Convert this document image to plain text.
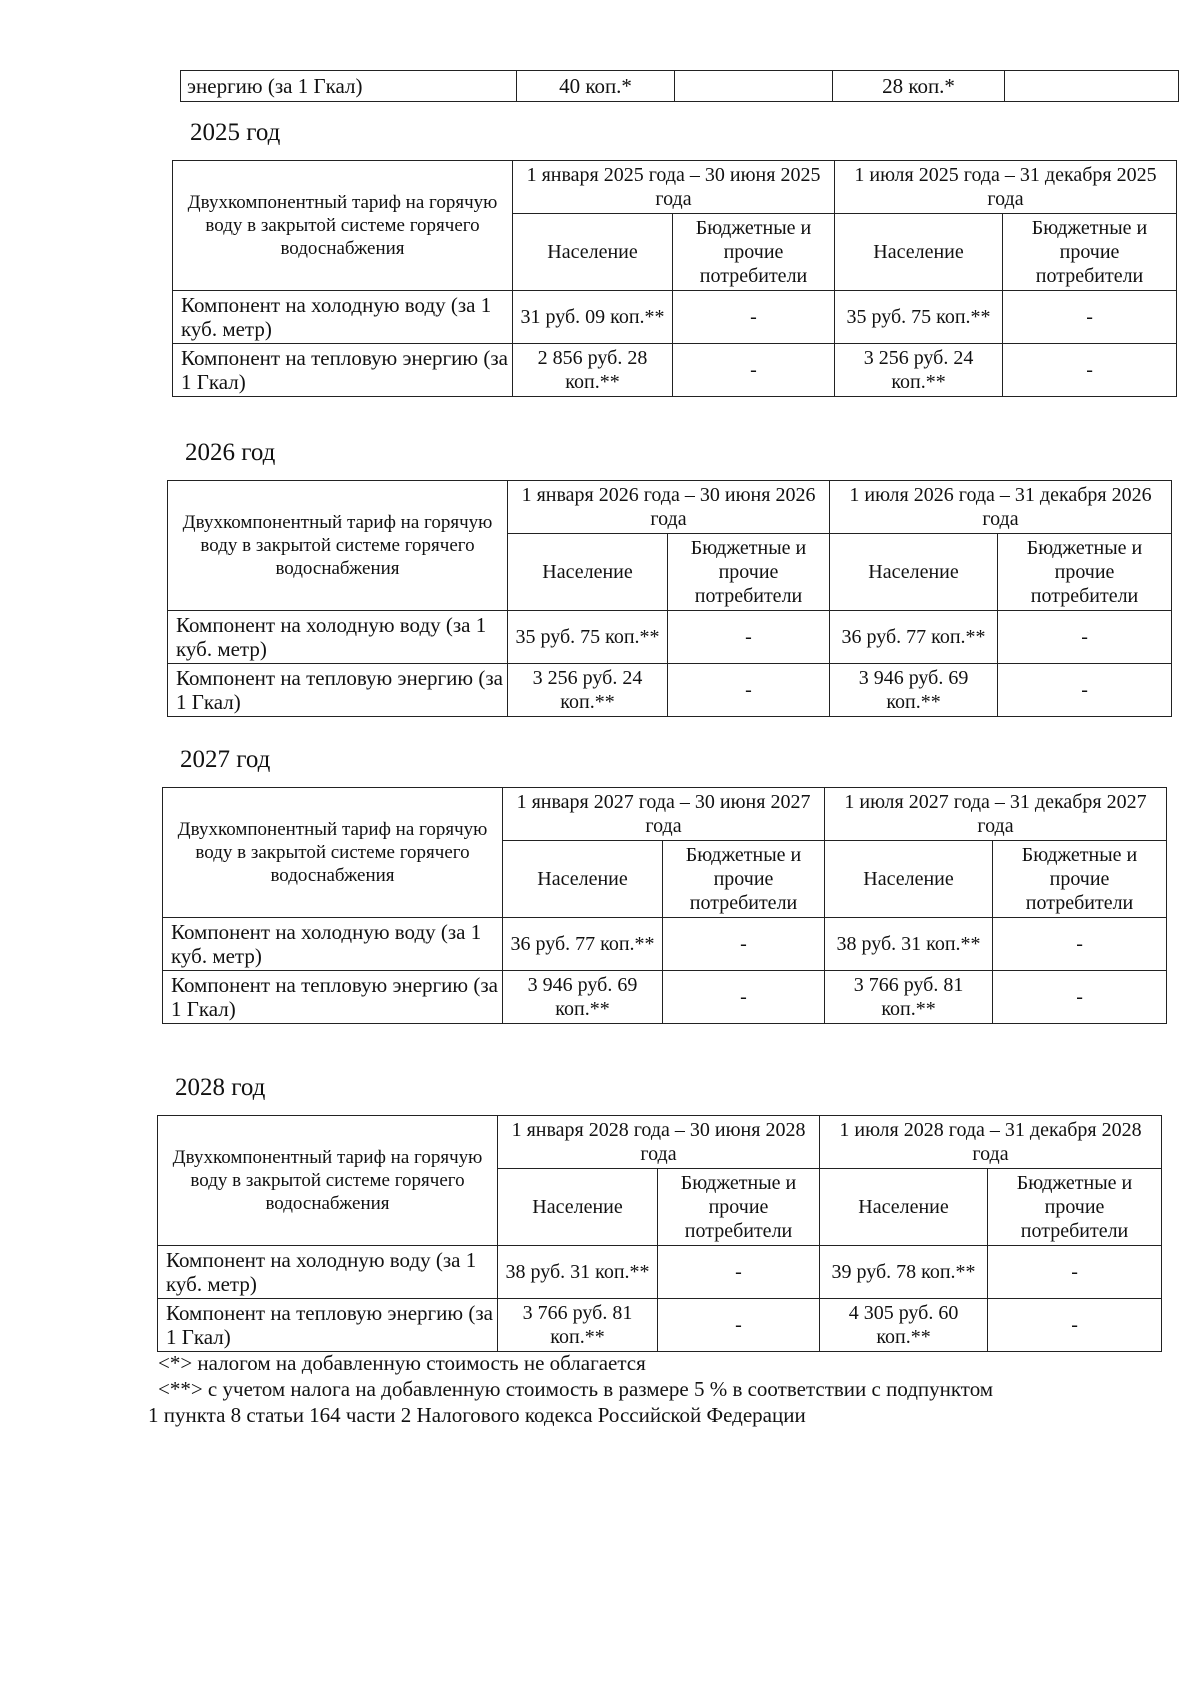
энергию (за 1 Гкал)	40 коп.*		28 коп.*	
2025 год
Двухкомпонентный тариф на горячую воду в закрытой системе горячего водоснабжения	1 января 2025 года – 30 июня 2025 года		1 июля 2025 года – 31 декабря 2025 года	
	Население	Бюджетные и прочие потребители	Население	Бюджетные и прочие потребители
Компонент на холодную воду (за 1 куб. метр)	31 руб. 09 коп.**	-	35 руб. 75 коп.**	-
Компонент на тепловую энергию (за 1 Гкал)	2 856 руб. 28 коп.**	-	3 256 руб. 24 коп.**	-
2026 год
Двухкомпонентный тариф на горячую воду в закрытой системе горячего водоснабжения	1 января 2026 года – 30 июня 2026 года		1 июля 2026 года – 31 декабря 2026 года	
	Население	Бюджетные и прочие потребители	Население	Бюджетные и прочие потребители
Компонент на холодную воду (за 1 куб. метр)	35 руб. 75 коп.**	-	36 руб. 77 коп.**	-
Компонент на тепловую энергию (за 1 Гкал)	3 256 руб. 24 коп.**	-	3 946 руб. 69 коп.**	-
2027 год
Двухкомпонентный тариф на горячую воду в закрытой системе горячего водоснабжения	1 января 2027 года – 30 июня 2027 года		1 июля 2027 года – 31 декабря 2027 года	
	Население	Бюджетные и прочие потребители	Население	Бюджетные и прочие потребители
Компонент на холодную воду (за 1 куб. метр)	36 руб. 77 коп.**	-	38 руб. 31 коп.**	-
Компонент на тепловую энергию (за 1 Гкал)	3 946 руб. 69 коп.**	-	3 766 руб. 81 коп.**	-
2028 год
Двухкомпонентный тариф на горячую воду в закрытой системе горячего водоснабжения	1 января 2028 года – 30 июня 2028 года		1 июля 2028 года – 31 декабря 2028 года	
	Население	Бюджетные и прочие потребители	Население	Бюджетные и прочие потребители
Компонент на холодную воду (за 1 куб. метр)	38 руб. 31 коп.**	-	39 руб. 78 коп.**	-
Компонент на тепловую энергию (за 1 Гкал)	3 766 руб. 81 коп.**	-	4 305 руб. 60 коп.**	-

<*> налогом на добавленную стоимость не облагается

<**> с учетом налога на добавленную стоимость в размере 5 % в соответствии с подпунктом

1 пункта 8 статьи 164 части 2 Налогового кодекса Российской Федерации
